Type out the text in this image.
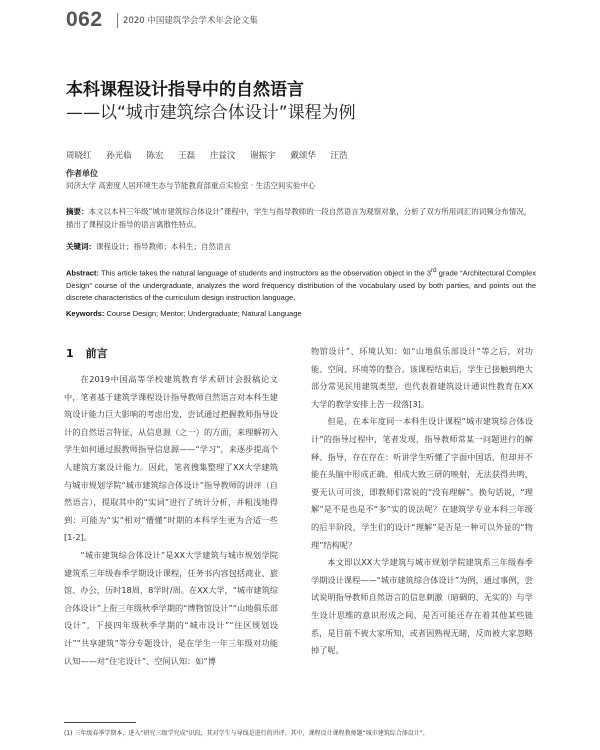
062 2020 中国建筑学会学术年会论文集
本科课程设计指导中的自然语言
——以“城市建筑综合体设计”课程为例
周晓红 孙光临 陈宏 王磊 庄益汶 谢振宇 戴颂华 汪浩
作者单位
同济大学 高密度人居环境生态与节能教育部重点实验室 · 生活空间实验中心
摘要：本文以本科三年级“城市建筑综合体设计”课程中，学生与指导教师的一段自然语言为观察对象，分析了双方所用词汇的词频分布情况，描出了课程设计指导的语言离散性特点。
关键词：课程设计；指导教师；本科生；自然语言
Abstract: This article takes the natural language of students and instructors as the observation object in the 3rd grade “Architectural Complex Design” course of the undergraduate, analyzes the word frequency distribution of the vocabulary used by both parties, and points out the discrete characteristics of the curriculum design instruction language.
Keywords: Course Design; Mentor; Undergraduate; Natural Language
1 前言

在2019中国高等学校建筑教育学术研讨会报稿论文中，笔者基于建筑学课程设计指导教师自然语言对本科生建筑设计能力巨大影响的考虑出发，尝试通过把握教师指导设计的自然语言特征，从信息源（之一）的方面，来理解初入学生如何通过报教师指导信息源——“学习”，来逐步提高个人建筑方案设计能力。因此，笔者搜集整理了XX大学建筑与城市规划学院“城市建筑综合体设计”指导教师的讲评（自然语言），提取其中的“实词”进行了统计分析，并粗浅地得到：可能为“实”相对“懵懂”时期的本科学生更为合适一些[1-2]。

“城市建筑综合体设计”是XX大学建筑与城市规划学院建筑系三年级春季学期设计课程，任务书内容包括商业、旅馆、办公，历时18周，8学时/周。在XX大学，“城市建筑综合体设计”上衔三年级秋季学期的“博物馆设计”“山地俱乐部设计”，下接四年级秋季学期的“城市设计”“住区规划设计”“共享建筑”等分专题设计，是在学生一年三年级对功能认知——对“住宅设计”、空间认知：如“博

物馆设计”、环境认知：如“山地俱乐部设计”等之后，对功能、空间、环境等的整合。该课程结束后，学生已接触到绝大部分常见民用建筑类型，也代表着建筑设计通识性教育在XX大学的教学安排上告一段落[3]。

但是，在本年度同一本科生设计课程“城市建筑综合体设计”的指导过程中，笔者发现，指导教师常某一问题进行的解释、指导，存在存在：听讲学生听懂了字面中国话，但却并不能在头脑中形成正确、相成大致三研的映射，无法获得共鸣，要无认可可淡，即教师们常说的“没有理解”。换句话说，“理解”是不是也是不“多”实的说法呢？在建筑学专业本科三年级的后半阶段，学生们的设计“理解”是否是一种可以外显的“物理”结构呢？

本文即以XX大学建筑与城市规划学院建筑系三年级春季学期设计课程——“城市建筑综合体设计”为例，通过事例，尝试说明指导教师自然语言的信息刺激（暗碉的、无实的）与学生设计思维的意识形成之间，是否可能还存在着其他某些链系，是目前不被大家所知，或者因熟视无睹，反而被大家忽略掉了呢。

(1) 三年级春季学期本，进入“研究三级学究成”识段，其对学生与导线是进行的讲评。其中，课程设计课程教师题“城市建筑综合体设计”，
